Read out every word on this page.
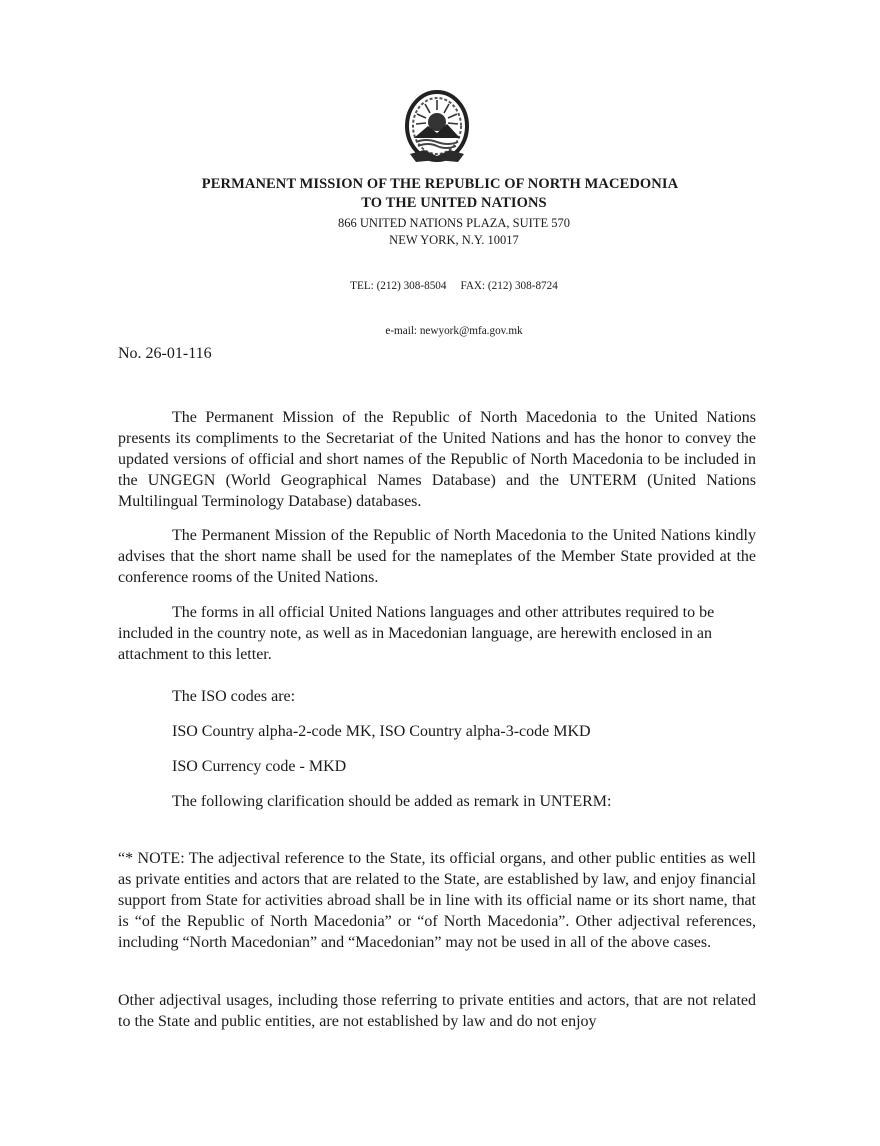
PERMANENT MISSION OF THE REPUBLIC OF NORTH MACEDONIA
TO THE UNITED NATIONS
866 UNITED NATIONS PLAZA, SUITE 570
NEW YORK, N.Y. 10017

TEL: (212) 308-8504     FAX: (212) 308-8724

e-mail: newyork@mfa.gov.mk
No. 26-01-116

The Permanent Mission of the Republic of North Macedonia to the United Nations presents its compliments to the Secretariat of the United Nations and has the honor to convey the updated versions of official and short names of the Republic of North Macedonia to be included in the UNGEGN (World Geographical Names Database) and the UNTERM (United Nations Multilingual Terminology Database) databases.

The Permanent Mission of the Republic of North Macedonia to the United Nations kindly advises that the short name shall be used for the nameplates of the Member State provided at the conference rooms of the United Nations.

The forms in all official United Nations languages and other attributes required to be included in the country note, as well as in Macedonian language, are herewith enclosed in an attachment to this letter.

The ISO codes are:

ISO Country alpha-2-code MK, ISO Country alpha-3-code MKD

ISO Currency code - MKD

The following clarification should be added as remark in UNTERM:

“* NOTE: The adjectival reference to the State, its official organs, and other public entities as well as private entities and actors that are related to the State, are established by law, and enjoy financial support from State for activities abroad shall be in line with its official name or its short name, that is “of the Republic of North Macedonia” or “of North Macedonia”. Other adjectival references, including “North Macedonian” and “Macedonian” may not be used in all of the above cases.

Other adjectival usages, including those referring to private entities and actors, that are not related to the State and public entities, are not established by law and do not enjoy
